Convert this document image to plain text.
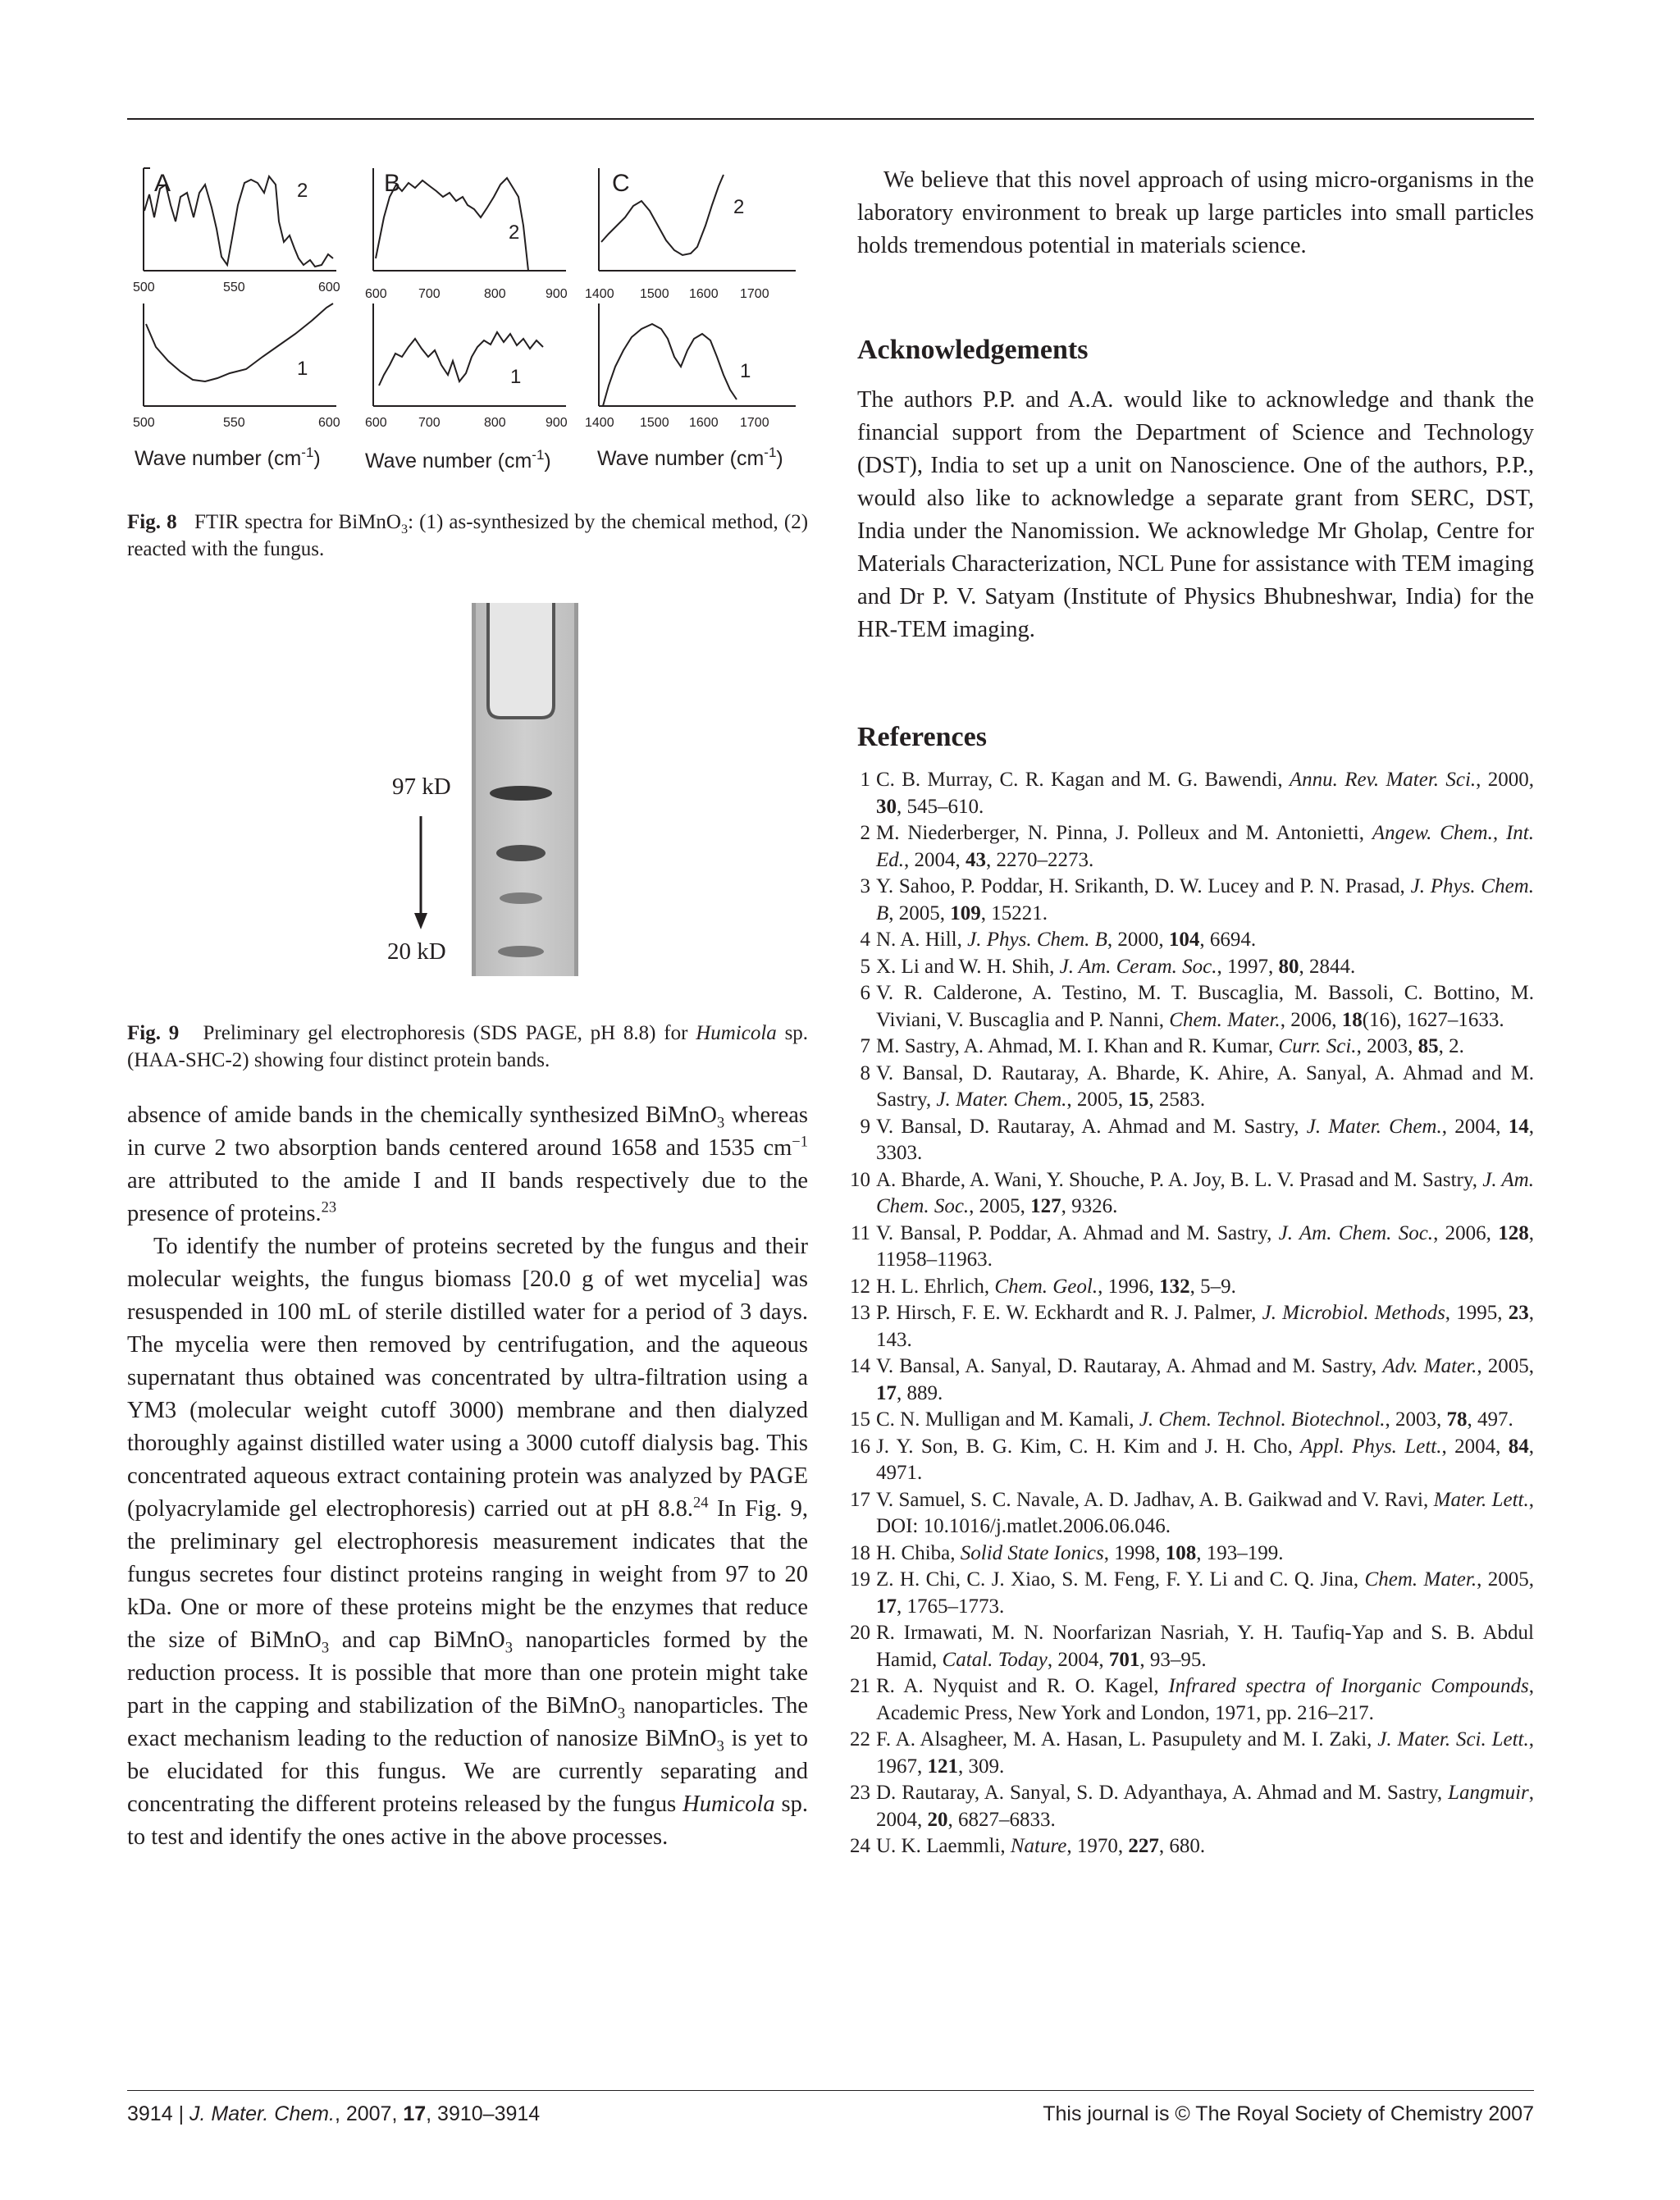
A	2
500	550	600
1
500	550	600
B
2
600 700	800	900
1
600 700	800	900
C
2
1400 1500 1600 1700
1
1400 1500 1600 1700
Wave number $(cm^{-1})$ Wave number $(cm^{-1})$ Wave number $(cm^{-1})$

Fig. 8 FTIR spectra for BiMnO$_3$: (1) as-synthesized by the chemical method, (2) reacted with the fungus.

97 kD
20 kD

Fig. 9 Preliminary gel electrophoresis (SDS PAGE, pH 8.8) for Humicola sp. (HAA-SHC-2) showing four distinct protein bands.

absence of amide bands in the chemically synthesized BiMnO$_3$ whereas in curve 2 two absorption bands centered around 1658 and 1535 $cm^{-1}$ are attributed to the amide I and II bands respectively due to the presence of proteins.$^{23}$

To identify the number of proteins secreted by the fungus and their molecular weights, the fungus biomass [20.0 g of wet mycelia] was resuspended in 100 mL of sterile distilled water for a period of 3 days. The mycelia were then removed by centrifugation, and the aqueous supernatant thus obtained was concentrated by ultra-filtration using a YM3 (molecular weight cutoff 3000) membrane and then dialyzed thoroughly against distilled water using a 3000 cutoff dialysis bag. This concentrated aqueous extract containing protein was analyzed by PAGE (polyacrylamide gel electrophoresis) carried out at pH 8.8.24 In Fig. 9, the preliminary gel electrophoresis measurement indicates that the fungus secretes four distinct proteins ranging in weight from 97 to 20 kDa. One or more of these proteins might be the enzymes that reduce the size of BiMnO$_3$ and cap BiMnO$_3$ nanoparticles formed by the reduction process. It is possible that more than one protein might take part in the capping and stabilization of the BiMnO$_3$ nanoparticles. The exact mechanism leading to the reduction of nanosize BiMnO$_3$ is yet to be elucidated for this fungus. We are currently separating and concentrating the different proteins released by the fungus Humicola sp. to test and identify the ones active in the above processes.

We believe that this novel approach of using micro-organisms in the laboratory environment to break up large particles into small particles holds tremendous potential in materials science.

Acknowledgements

The authors P.P. and A.A. would like to acknowledge and thank the financial support from the Department of Science and Technology (DST), India to set up a unit on Nanoscience. One of the authors, P.P., would also like to acknowledge a separate grant from SERC, DST, India under the Nanomission. We acknowledge Mr Gholap, Centre for Materials Characterization, NCL Pune for assistance with TEM imaging and Dr P. V. Satyam (Institute of Physics Bhubneshwar, India) for the HR-TEM imaging.

References
1 C. B. Murray, C. R. Kagan and M. G. Bawendi, Annu. Rev. Mater. Sci., 2000, 30, 545–610.
2 M. Niederberger, N. Pinna, J. Polleux and M. Antonietti, Angew. Chem., Int. Ed., 2004, 43, 2270–2273.
3 Y. Sahoo, P. Poddar, H. Srikanth, D. W. Lucey and P. N. Prasad, J. Phys. Chem. B, 2005, 109, 15221.
4 N. A. Hill, J. Phys. Chem. B, 2000, 104, 6694.
5 X. Li and W. H. Shih, J. Am. Ceram. Soc., 1997, 80, 2844.
6 V. R. Calderone, A. Testino, M. T. Buscaglia, M. Bassoli, C. Bottino, M. Viviani, V. Buscaglia and P. Nanni, Chem. Mater., 2006, 18(16), 1627–1633.
7 M. Sastry, A. Ahmad, M. I. Khan and R. Kumar, Curr. Sci., 2003, 85, 2.
8 V. Bansal, D. Rautaray, A. Bharde, K. Ahire, A. Sanyal, A. Ahmad and M. Sastry, J. Mater. Chem., 2005, 15, 2583.
9 V. Bansal, D. Rautaray, A. Ahmad and M. Sastry, J. Mater. Chem., 2004, 14, 3303.
10 A. Bharde, A. Wani, Y. Shouche, P. A. Joy, B. L. V. Prasad and M. Sastry, J. Am. Chem. Soc., 2005, 127, 9326.
11 V. Bansal, P. Poddar, A. Ahmad and M. Sastry, J. Am. Chem. Soc., 2006, 128, 11958–11963.
12 H. L. Ehrlich, Chem. Geol., 1996, 132, 5–9.
13 P. Hirsch, F. E. W. Eckhardt and R. J. Palmer, J. Microbiol. Methods, 1995, 23, 143.
14 V. Bansal, A. Sanyal, D. Rautaray, A. Ahmad and M. Sastry, Adv. Mater., 2005, 17, 889.
15 C. N. Mulligan and M. Kamali, J. Chem. Technol. Biotechnol., 2003, 78, 497.
16 J. Y. Son, B. G. Kim, C. H. Kim and J. H. Cho, Appl. Phys. Lett., 2004, 84, 4971.
17 V. Samuel, S. C. Navale, A. D. Jadhav, A. B. Gaikwad and V. Ravi, Mater. Lett., DOI: 10.1016/j.matlet.2006.06.046.
18 H. Chiba, Solid State Ionics, 1998, 108, 193–199.
19 Z. H. Chi, C. J. Xiao, S. M. Feng, F. Y. Li and C. Q. Jina, Chem. Mater., 2005, 17, 1765–1773.
20 R. Irmawati, M. N. Noorfarizan Nasriah, Y. H. Taufiq-Yap and S. B. Abdul Hamid, Catal. Today, 2004, 701, 93–95.
21 R. A. Nyquist and R. O. Kagel, Infrared spectra of Inorganic Compounds, Academic Press, New York and London, 1971, pp. 216–217.
22 F. A. Alsagheer, M. A. Hasan, L. Pasupulety and M. I. Zaki, J. Mater. Sci. Lett., 1967, 121, 309.
23 D. Rautaray, A. Sanyal, S. D. Adyanthaya, A. Ahmad and M. Sastry, Langmuir, 2004, 20, 6827–6833.
24 U. K. Laemmli, Nature, 1970, 227, 680.
3914 | J. Mater. Chem., 2007, 17, 3910–3914	This journal is © The Royal Society of Chemistry 2007
